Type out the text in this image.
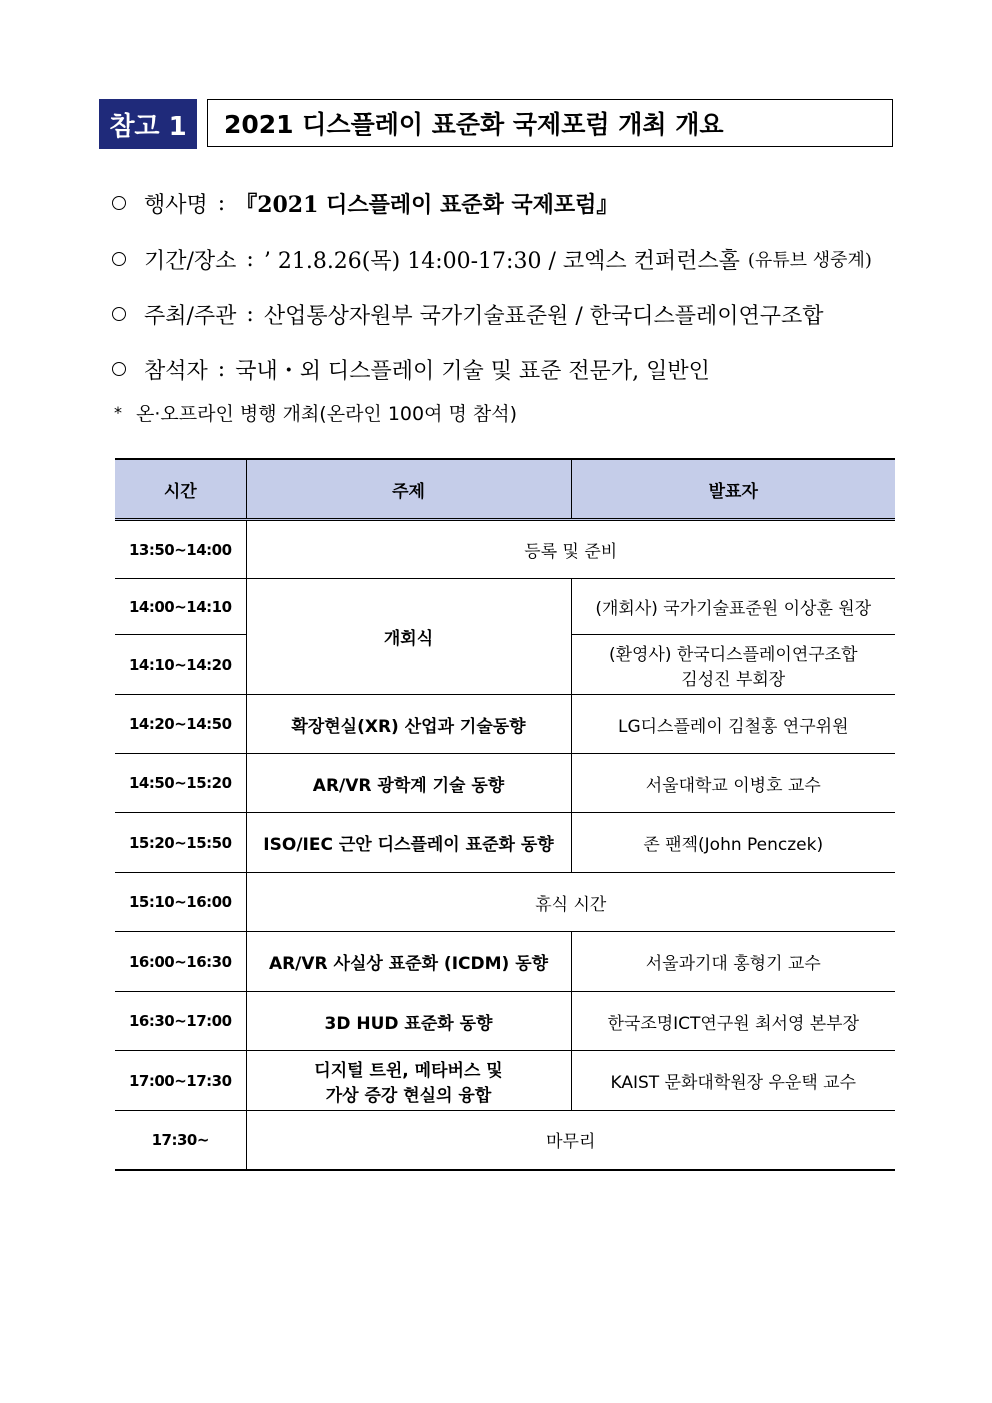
참고 1	2021 디스플레이 표준화 국제포럼 개최 개요
행사명 : 『2021 디스플레이 표준화 국제포럼』
기간/장소 : ’ 21.8.26(목) 14:00-17:30 / 코엑스 컨퍼런스홀 (유튜브 생중계)
주최/주관 : 산업통상자원부 국가기술표준원 / 한국디스플레이연구조합
참석자 : 국내・외 디스플레이 기술 및 표준 전문가, 일반인
* 온·오프라인 병행 개최(온라인 100여 명 참석)
시간	주제	발표자
13:50~14:00	등록 및 준비	
14:00~14:10	개회식	(개회사) 국가기술표준원 이상훈 원장
14:10~14:20		(환영사) 한국디스플레이연구조합
김성진 부회장

14:20~14:50	확장현실(XR) 산업과 기술동향	LG디스플레이 김철홍 연구위원
14:50~15:20	AR/VR 광학계 기술 동향	서울대학교 이병호 교수
15:20~15:50	ISO/IEC 근안 디스플레이 표준화 동향	존 팬젝(John Penczek)
15:10~16:00	휴식 시간	
16:00~16:30	AR/VR 사실상 표준화 (ICDM) 동향	서울과기대 홍형기 교수
16:30~17:00	3D HUD 표준화 동향	한국조명ICT연구원 최서영 본부장
17:00~17:30	디지털 트윈, 메타버스 및
가상 증강 현실의 융합	KAIST 문화대학원장 우운택 교수
17:30~	마무리	
